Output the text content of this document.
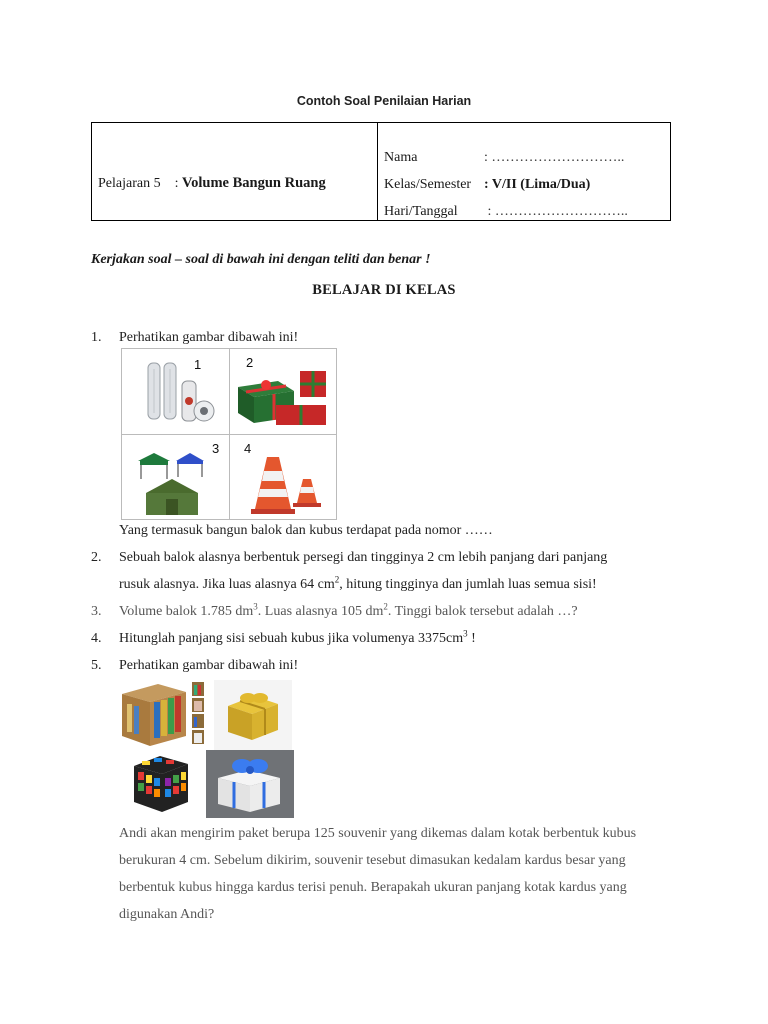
Contoh Soal Penilaian Harian
Pelajaran 5    : Volume Bangun Ruang
Nama	: ………………………..
Kelas/Semester : V/II (Lima/Dua)
Hari/Tanggal : ………………………..
Kerjakan soal – soal di bawah ini dengan teliti dan benar !
BELAJAR DI KELAS
1. Perhatikan gambar dibawah ini!
1	2
3 4
Yang termasuk bangun balok dan kubus terdapat pada nomor ……
2. Sebuah balok alasnya berbentuk persegi dan tingginya 2 cm lebih panjang dari panjang
rusuk alasnya. Jika luas alasnya 64 $cm^2$, hitung tingginya dan jumlah luas semua sisi!
3. Volume balok 1.785 $dm^3$. Luas alasnya 105 $dm^2$. Tinggi balok tersebut adalah …?
4. Hitunglah panjang sisi sebuah kubus jika volumenya $3375cm^3$ !
5. Perhatikan gambar dibawah ini!
Andi akan mengirim paket berupa 125 souvenir yang dikemas dalam kotak berbentuk kubus
berukuran 4 cm. Sebelum dikirim, souvenir tesebut dimasukan kedalam kardus besar yang
berbentuk kubus hingga kardus terisi penuh. Berapakah ukuran panjang kotak kardus yang
digunakan Andi?
